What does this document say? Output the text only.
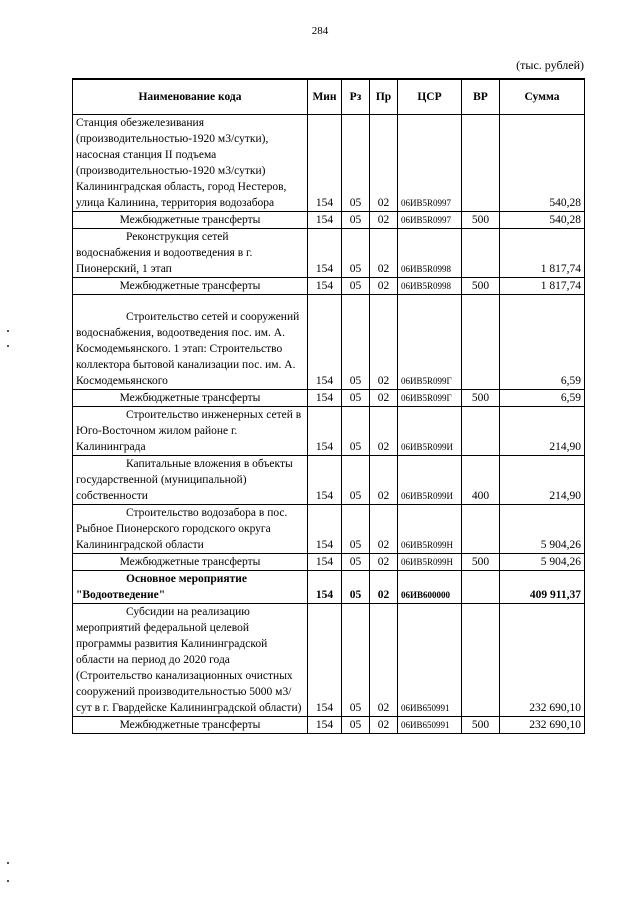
284
(тыс. рублей)
Наименование кода	Мин	Рз	Пр	ЦСР	ВР	Сумма
Станция обезжелезивания (производительностью-1920 м3/сутки), насосная станция II подъема (производительностью-1920 м3/сутки) Калининградская область, город Нестеров, улица Калинина, территория водозабора	154	05	02	06ИВ5R0997		540,28
Межбюджетные трансферты	154	05	02	06ИВ5R0997	500	540,28
Реконструкция сетей водоснабжения и водоотведения в г. Пионерский, 1 этап	154	05	02	06ИВ5R0998		1 817,74
Межбюджетные трансферты	154	05	02	06ИВ5R0998	500	1 817,74
Строительство сетей и сооружений водоснабжения, водоотведения пос. им. А. Космодемьянского. 1 этап: Строительство коллектора бытовой канализации пос. им. А. Космодемьянского	154	05	02	06ИВ5R099Г		6,59
Межбюджетные трансферты	154	05	02	06ИВ5R099Г	500	6,59
Строительство инженерных сетей в Юго-Восточном жилом районе г. Калининграда	154	05	02	06ИВ5R099И		214,90
Капитальные вложения в объекты государственной (муниципальной) собственности	154	05	02	06ИВ5R099И	400	214,90
Строительство водозабора в пос. Рыбное Пионерского городского округа Калининградской области	154	05	02	06ИВ5R099Н		5 904,26
Межбюджетные трансферты	154	05	02	06ИВ5R099Н	500	5 904,26
Основное мероприятие "Водоотведение"	154	05	02	06ИВ600000		409 911,37
Субсидии на реализацию мероприятий федеральной целевой программы развития Калининградской области на период до 2020 года (Строительство канализационных очистных сооружений производительностью 5000 м3/сут в г. Гвардейске Калининградской области)	154	05	02	06ИВ650991		232 690,10
Межбюджетные трансферты	154	05	02	06ИВ650991	500	232 690,10
